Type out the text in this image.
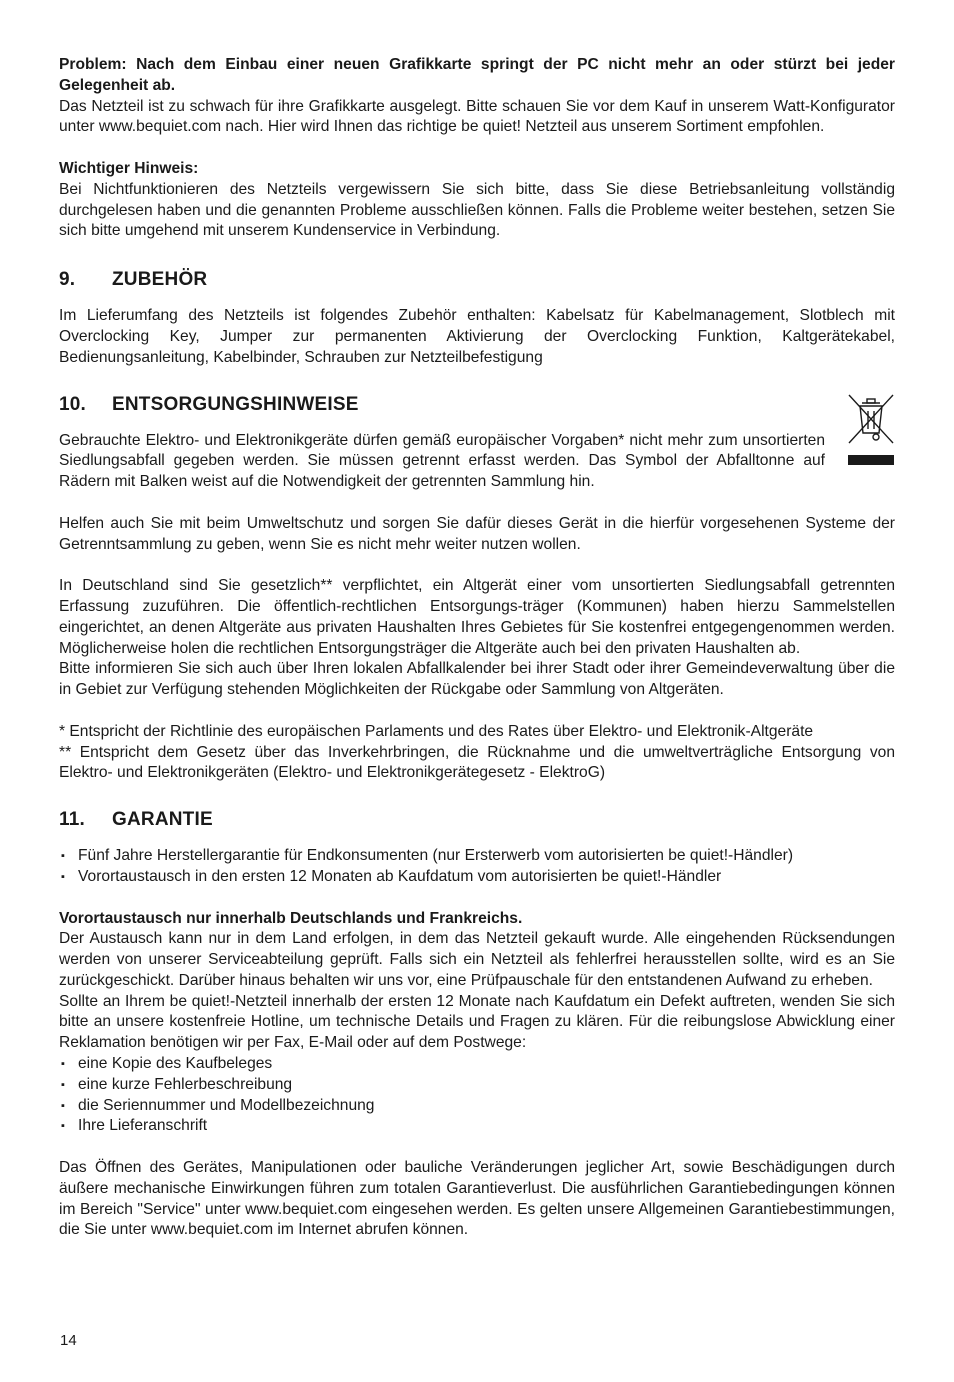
Problem: Nach dem Einbau einer neuen Grafikkarte springt der PC nicht mehr an oder stürzt bei jeder Gelegenheit ab.

Das Netzteil ist zu schwach für ihre Grafikkarte ausgelegt. Bitte schauen Sie vor dem Kauf in unserem Watt-Konfigurator unter www.bequiet.com nach. Hier wird Ihnen das richtige be quiet! Netzteil aus unserem Sortiment empfohlen.

Wichtiger Hinweis:

Bei Nichtfunktionieren des Netzteils vergewissern Sie sich bitte, dass Sie diese Betriebsanleitung vollständig durchgelesen haben und die genannten Probleme ausschließen können. Falls die Probleme weiter bestehen, setzen Sie sich bitte umgehend mit unserem Kundenservice in Verbindung.

9. ZUBEHÖR

Im Lieferumfang des Netzteils ist folgendes Zubehör enthalten: Kabelsatz für Kabelmanagement, Slotblech mit Overclocking Key, Jumper zur permanenten Aktivierung der Overclocking Funktion, Kaltgerätekabel, Bedienungsanleitung, Kabelbinder, Schrauben zur Netzteilbefestigung

10. ENTSORGUNGSHINWEISE

Gebrauchte Elektro- und Elektronikgeräte dürfen gemäß europäischer Vorgaben* nicht mehr zum unsortierten Siedlungsabfall gegeben werden. Sie müssen getrennt erfasst werden. Das Symbol der Abfalltonne auf Rädern mit Balken weist auf die Notwendigkeit der getrennten Sammlung hin.

Helfen auch Sie mit beim Umweltschutz und sorgen Sie dafür dieses Gerät in die hierfür vorgesehenen Systeme der Getrenntsammlung zu geben, wenn Sie es nicht mehr weiter nutzen wollen.

In Deutschland sind Sie gesetzlich** verpflichtet, ein Altgerät einer vom unsortierten Siedlungsabfall getrennten Erfassung zuzuführen. Die öffentlich-rechtlichen Entsorgungs-träger (Kommunen) haben hierzu Sammelstellen eingerichtet, an denen Altgeräte aus privaten Haushalten Ihres Gebietes für Sie kostenfrei entgegengenommen werden. Möglicherweise holen die rechtlichen Entsorgungsträger die Altgeräte auch bei den privaten Haushalten ab.

Bitte informieren Sie sich auch über Ihren lokalen Abfallkalender bei ihrer Stadt oder ihrer Gemeindeverwaltung über die in Gebiet zur Verfügung stehenden Möglichkeiten der Rückgabe oder Sammlung von Altgeräten.

* Entspricht der Richtlinie des europäischen Parlaments und des Rates über Elektro- und Elektronik-Altgeräte

** Entspricht dem Gesetz über das Inverkehrbringen, die Rücknahme und die umweltverträgliche Entsorgung von Elektro- und Elektronikgeräten (Elektro- und Elektronikgerätegesetz - ElektroG)

11. GARANTIE
▪ Fünf Jahre Herstellergarantie für Endkonsumenten (nur Ersterwerb vom autorisierten be quiet!-Händler)
▪ Vorortaustausch in den ersten 12 Monaten ab Kaufdatum vom autorisierten be quiet!-Händler

Vorortaustausch nur innerhalb Deutschlands und Frankreichs.

Der Austausch kann nur in dem Land erfolgen, in dem das Netzteil gekauft wurde. Alle eingehenden Rücksendungen werden von unserer Serviceabteilung geprüft. Falls sich ein Netzteil als fehlerfrei herausstellen sollte, wird es an Sie zurückgeschickt. Darüber hinaus behalten wir uns vor, eine Prüfpauschale für den entstandenen Aufwand zu erheben.

Sollte an Ihrem be quiet!-Netzteil innerhalb der ersten 12 Monate nach Kaufdatum ein Defekt auftreten, wenden Sie sich bitte an unsere kostenfreie Hotline, um technische Details und Fragen zu klären. Für die reibungslose Abwicklung einer Reklamation benötigen wir per Fax, E-Mail oder auf dem Postwege:

▪ eine Kopie des Kaufbeleges
▪ eine kurze Fehlerbeschreibung
▪ die Seriennummer und Modellbezeichnung
▪ Ihre Lieferanschrift

Das Öffnen des Gerätes, Manipulationen oder bauliche Veränderungen jeglicher Art, sowie Beschädigungen durch äußere mechanische Einwirkungen führen zum totalen Garantieverlust. Die ausführlichen Garantiebedingungen können im Bereich "Service" unter www.bequiet.com eingesehen werden. Es gelten unsere Allgemeinen Garantiebestimmungen, die Sie unter www.bequiet.com im Internet abrufen können.

14
